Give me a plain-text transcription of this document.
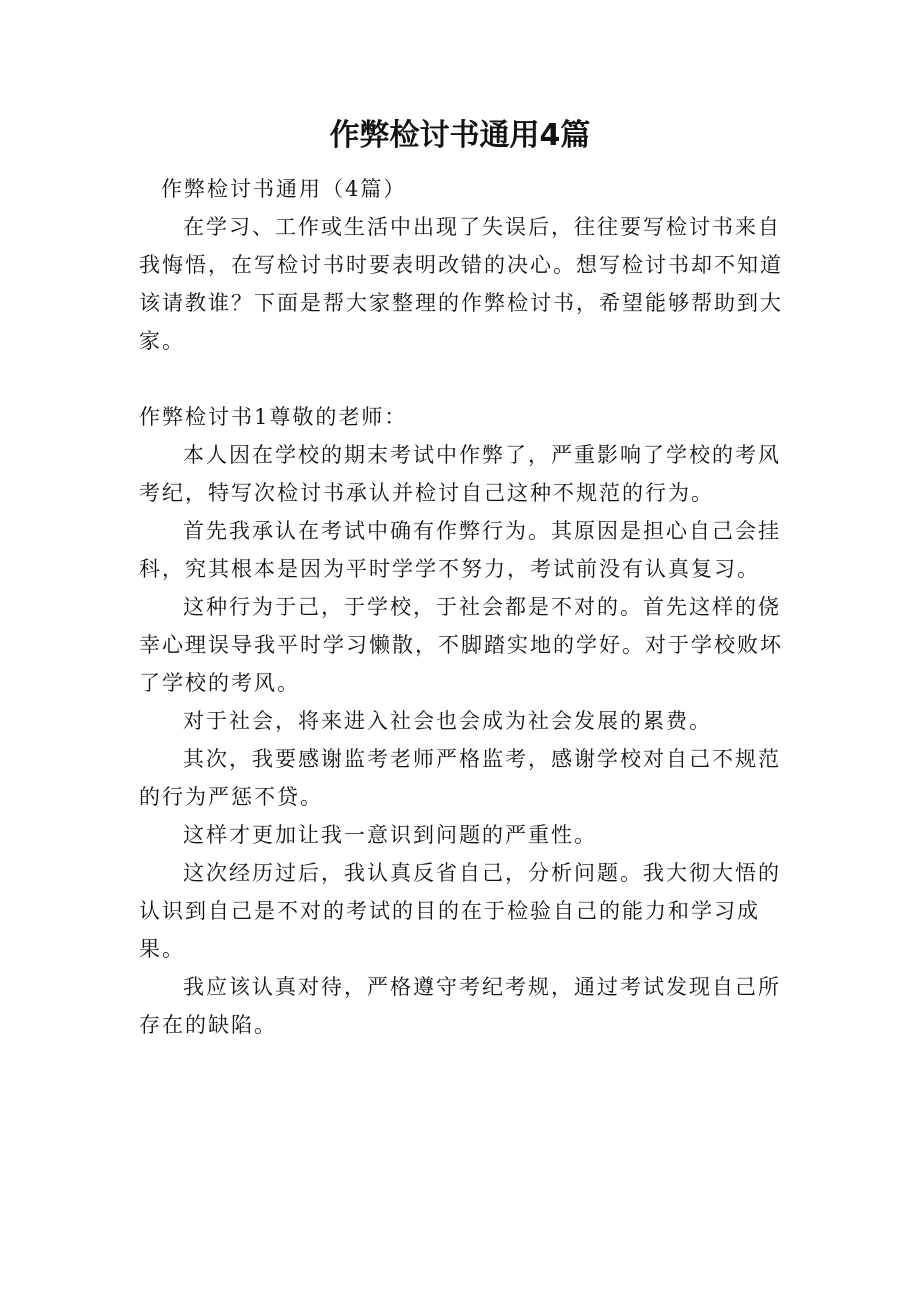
作弊检讨书通用4篇

作弊检讨书通用（4篇）

在学习、工作或生活中出现了失误后，往往要写检讨书来自我悔悟，在写检讨书时要表明改错的决心。想写检讨书却不知道该请教谁？下面是帮大家整理的作弊检讨书，希望能够帮助到大家。

作弊检讨书1尊敬的老师：

本人因在学校的期末考试中作弊了，严重影响了学校的考风考纪，特写次检讨书承认并检讨自己这种不规范的行为。

首先我承认在考试中确有作弊行为。其原因是担心自己会挂科，究其根本是因为平时学学不努力，考试前没有认真复习。

这种行为于己，于学校，于社会都是不对的。首先这样的侥幸心理误导我平时学习懒散，不脚踏实地的学好。对于学校败坏了学校的考风。

对于社会，将来进入社会也会成为社会发展的累费。

其次，我要感谢监考老师严格监考，感谢学校对自己不规范的行为严惩不贷。

这样才更加让我一意识到问题的严重性。

这次经历过后，我认真反省自己，分析问题。我大彻大悟的认识到自己是不对的考试的目的在于检验自己的能力和学习成果。

我应该认真对待，严格遵守考纪考规，通过考试发现自己所存在的缺陷。
